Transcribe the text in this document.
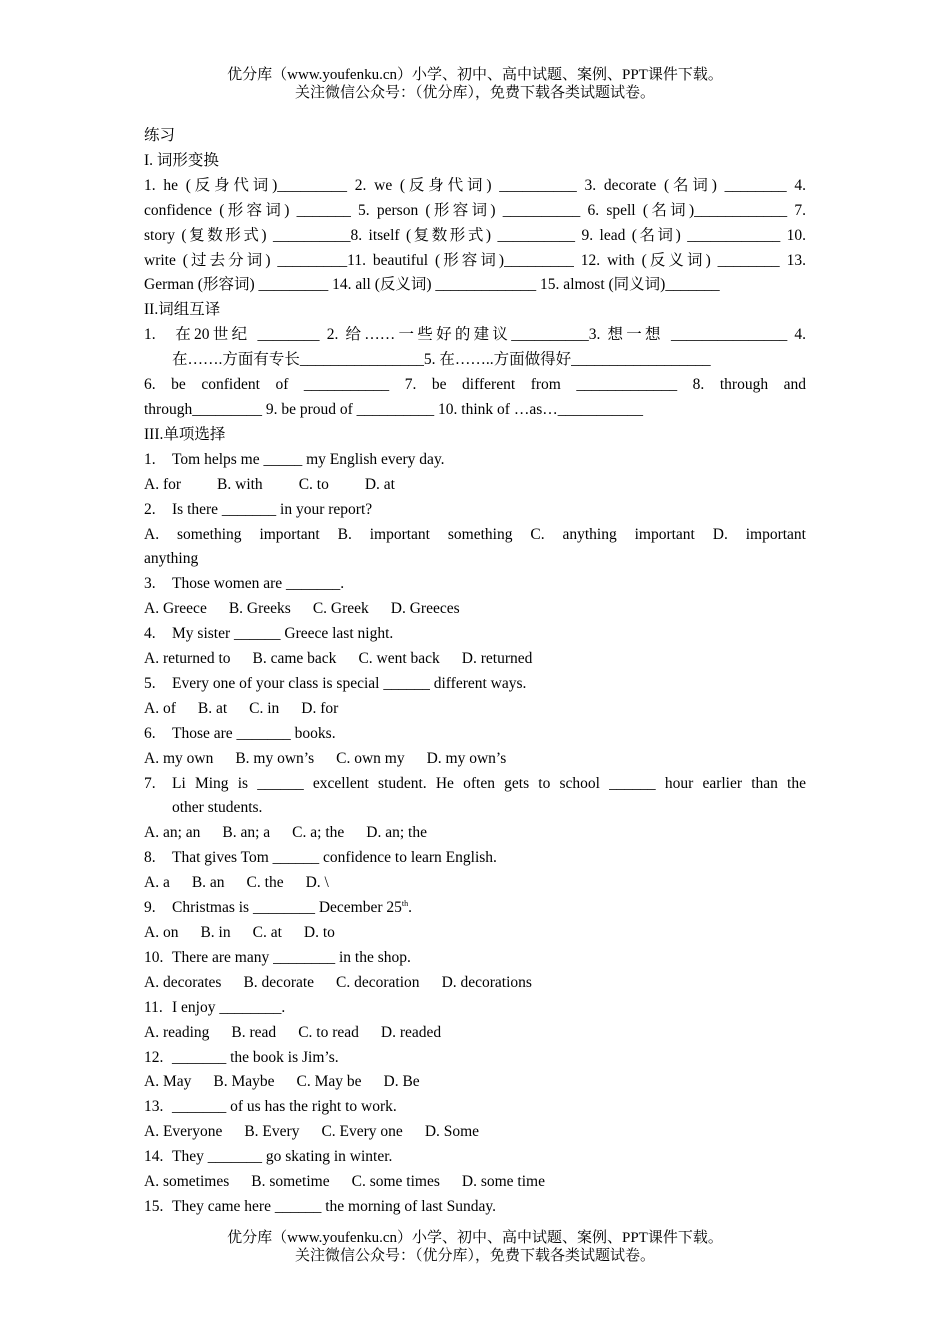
优分库（www.youfenku.cn）小学、初中、高中试题、案例、PPT课件下载。
关注微信公众号：（优分库），免费下载各类试题试卷。

练习

I. 词形变换

1. he (反身代词)_________ 2. we (反身代词) __________ 3. decorate (名词) ________ 4.

confidence (形容词) _______ 5. person (形容词) __________ 6. spell (名词)____________ 7.

story (复数形式) __________8. itself (复数形式) __________ 9. lead (名词) ____________ 10.

write (过去分词) _________11. beautiful (形容词)_________ 12. with (反义词) ________ 13.

German (形容词) _________ 14. all (反义词) _____________ 15. almost (同义词)_______

II.词组互译

1. 在20世纪 ________ 2. 给……一些好的建议__________3. 想一想 _______________ 4.

在…….方面有专长________________5. 在……..方面做得好__________________

6. be confident of ___________ 7. be different from _____________ 8. through and

through_________ 9. be proud of __________ 10. think of …as…___________

III.单项选择

1. Tom helps me _____ my English every day.

A. for B. with C. to D. at

2. Is there _______ in your report?

A. something important B. important something C. anything important D. important

anything

3. Those women are _______.

A. Greece B. Greeks C. Greek D. Greeces

4. My sister ______ Greece last night.

A. returned to B. came back C. went back D. returned

5. Every one of your class is special ______ different ways.

A. of B. at C. in D. for

6. Those are _______ books.

A. my own B. my own’s C. own my D. my own’s

7. Li Ming is ______ excellent student. He often gets to school ______ hour earlier than the

other students.

A. an; an B. an; a C. a; the D. an; the

8. That gives Tom ______ confidence to learn English.

A. a B. an C. the D. \

9. Christmas is ________ December 25th.

A. on B. in C. at D. to

10. There are many ________ in the shop.

A. decorates B. decorate C. decoration D. decorations

11. I enjoy ________.

A. reading B. read C. to read D. readed

12. _______ the book is Jim’s.

A. May B. Maybe C. May be D. Be

13. _______ of us has the right to work.

A. Everyone B. Every C. Every one D. Some

14. They _______ go skating in winter.

A. sometimes B. sometime C. some times D. some time

15. They came here ______ the morning of last Sunday.

优分库（www.youfenku.cn）小学、初中、高中试题、案例、PPT课件下载。
关注微信公众号：（优分库），免费下载各类试题试卷。
